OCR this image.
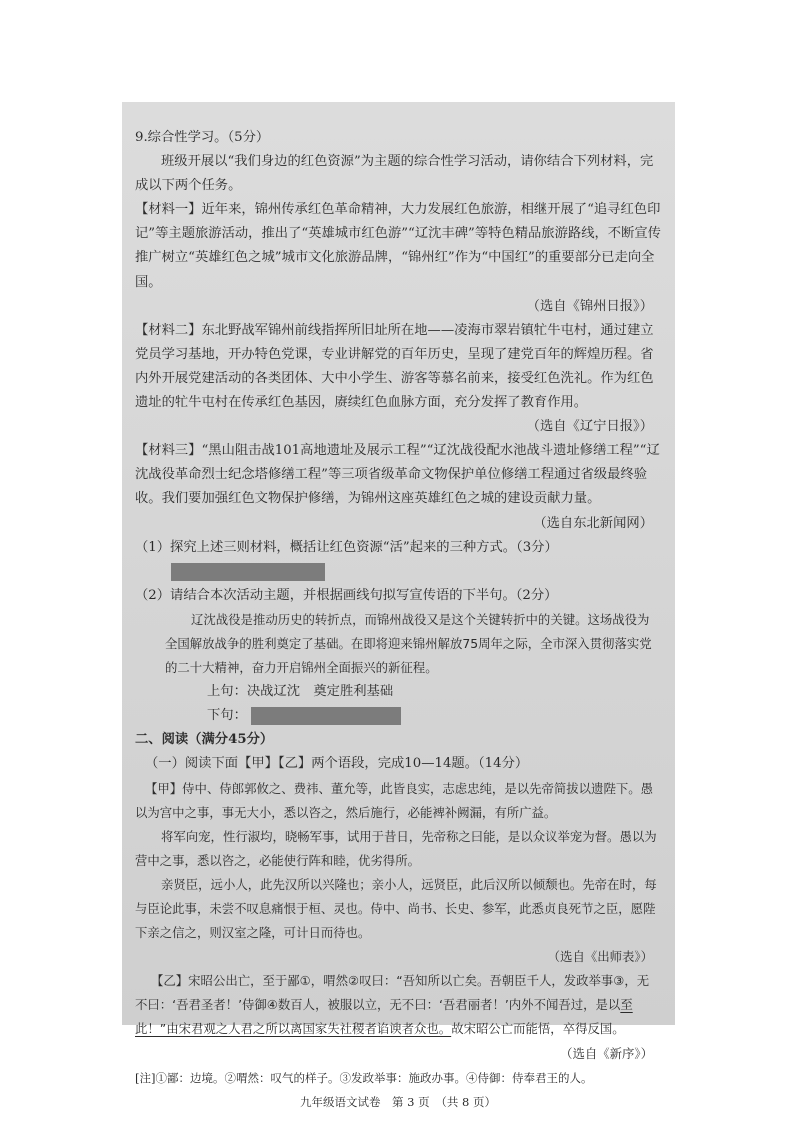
9.综合性学习。（5分）

班级开展以“我们身边的红色资源”为主题的综合性学习活动，请你结合下列材料，完成以下两个任务。

【材料一】近年来，锦州传承红色革命精神，大力发展红色旅游，相继开展了“追寻红色印记”等主题旅游活动，推出了“英雄城市红色游”“辽沈丰碑”等特色精品旅游路线，不断宣传推广树立“英雄红色之城”城市文化旅游品牌，“锦州红”作为“中国红”的重要部分已走向全国。

（选自《锦州日报》）

【材料二】东北野战军锦州前线指挥所旧址所在地——凌海市翠岩镇牤牛屯村，通过建立党员学习基地，开办特色党课，专业讲解党的百年历史，呈现了建党百年的辉煌历程。省内外开展党建活动的各类团体、大中小学生、游客等慕名前来，接受红色洗礼。作为红色遗址的牤牛屯村在传承红色基因，赓续红色血脉方面，充分发挥了教育作用。

（选自《辽宁日报》）

【材料三】“黑山阻击战101高地遗址及展示工程”“辽沈战役配水池战斗遗址修缮工程”“辽沈战役革命烈士纪念塔修缮工程”等三项省级革命文物保护单位修缮工程通过省级最终验收。我们要加强红色文物保护修缮，为锦州这座英雄红色之城的建设贡献力量。

（选自东北新闻网）

（1）探究上述三则材料，概括让红色资源“活”起来的三种方式。（3分）

（2）请结合本次活动主题，并根据画线句拟写宣传语的下半句。（2分）

辽沈战役是推动历史的转折点，而锦州战役又是这个关键转折中的关键。这场战役为全国解放战争的胜利奠定了基础。在即将迎来锦州解放75周年之际，全市深入贯彻落实党的二十大精神，奋力开启锦州全面振兴的新征程。

上句：决战辽沈　奠定胜利基础

下句：

二、阅读（满分45分）

（一）阅读下面【甲】【乙】两个语段，完成10—14题。（14分）

【甲】侍中、侍郎郭攸之、费祎、董允等，此皆良实，志虑忠纯，是以先帝简拔以遗陛下。愚以为宫中之事，事无大小，悉以咨之，然后施行，必能裨补阙漏，有所广益。

将军向宠，性行淑均，晓畅军事，试用于昔日，先帝称之曰能，是以众议举宠为督。愚以为营中之事，悉以咨之，必能使行阵和睦，优劣得所。

亲贤臣，远小人，此先汉所以兴隆也；亲小人，远贤臣，此后汉所以倾颓也。先帝在时，每与臣论此事，未尝不叹息痛恨于桓、灵也。侍中、尚书、长史、参军，此悉贞良死节之臣，愿陛下亲之信之，则汉室之隆，可计日而待也。

（选自《出师表》）

【乙】宋昭公出亡，至于鄙①，喟然②叹曰：“吾知所以亡矣。吾朝臣千人，发政举事③，无不曰：‘吾君圣者！’侍御④数百人，被服以立，无不曰：‘吾君丽者！’内外不闻吾过，是以至此！”由宋君观之人君之所以离国家失社稷者谄谀者众也。故宋昭公亡而能悟，卒得反国。

（选自《新序》）

[注]①鄙：边境。②喟然：叹气的样子。③发政举事：施政办事。④侍御：侍奉君王的人。

九年级语文试卷　第 3 页　（共 8 页）
